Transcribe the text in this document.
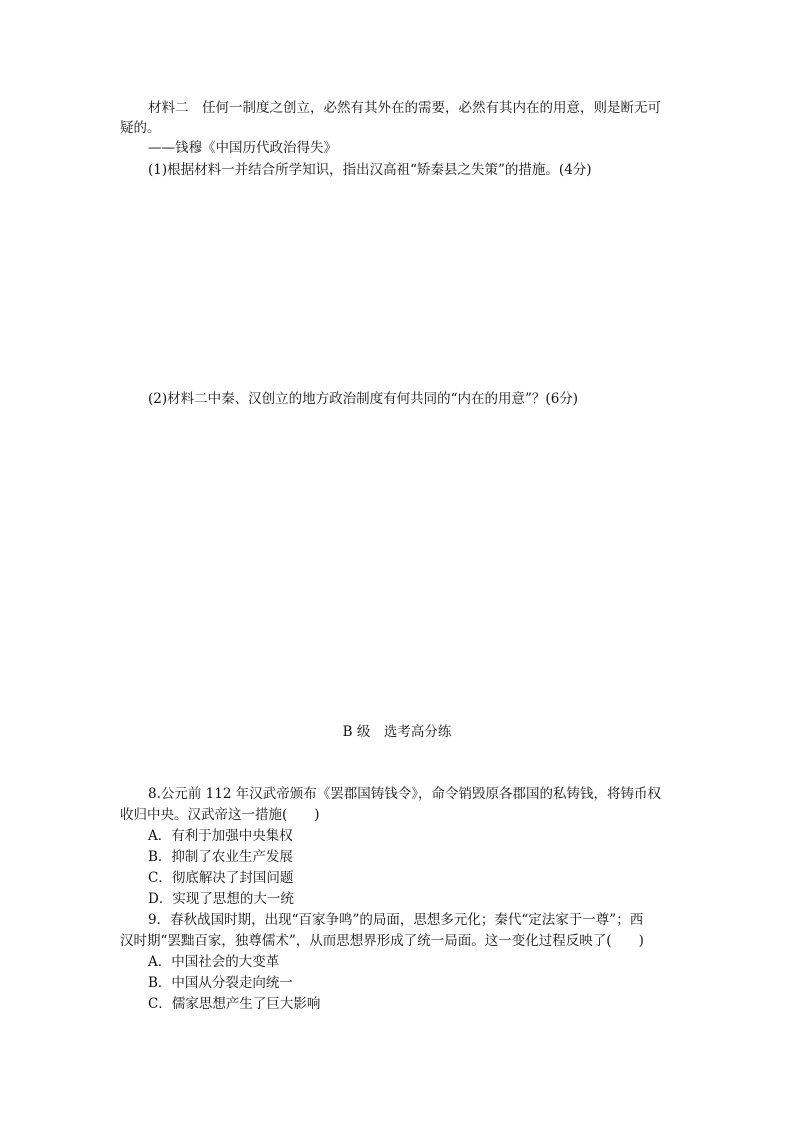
材料二　任何一制度之创立，必然有其外在的需要，必然有其内在的用意，则是断无可
疑的。
——钱穆《中国历代政治得失》
(1)根据材料一并结合所学知识，指出汉高祖“矫秦县之失策”的措施。(4分)
(2)材料二中秦、汉创立的地方政治制度有何共同的“内在的用意”？(6分)
B 级　选考高分练
8.公元前 112 年汉武帝颁布《罢郡国铸钱令》，命令销毁原各郡国的私铸钱，将铸币权
收归中央。汉武帝这一措施(　　)
A．有利于加强中央集权
B．抑制了农业生产发展
C．彻底解决了封国问题
D．实现了思想的大一统
9．春秋战国时期，出现“百家争鸣”的局面，思想多元化；秦代“定法家于一尊”；西
汉时期“罢黜百家，独尊儒术”，从而思想界形成了统一局面。这一变化过程反映了(　　)
A．中国社会的大变革
B．中国从分裂走向统一
C．儒家思想产生了巨大影响
